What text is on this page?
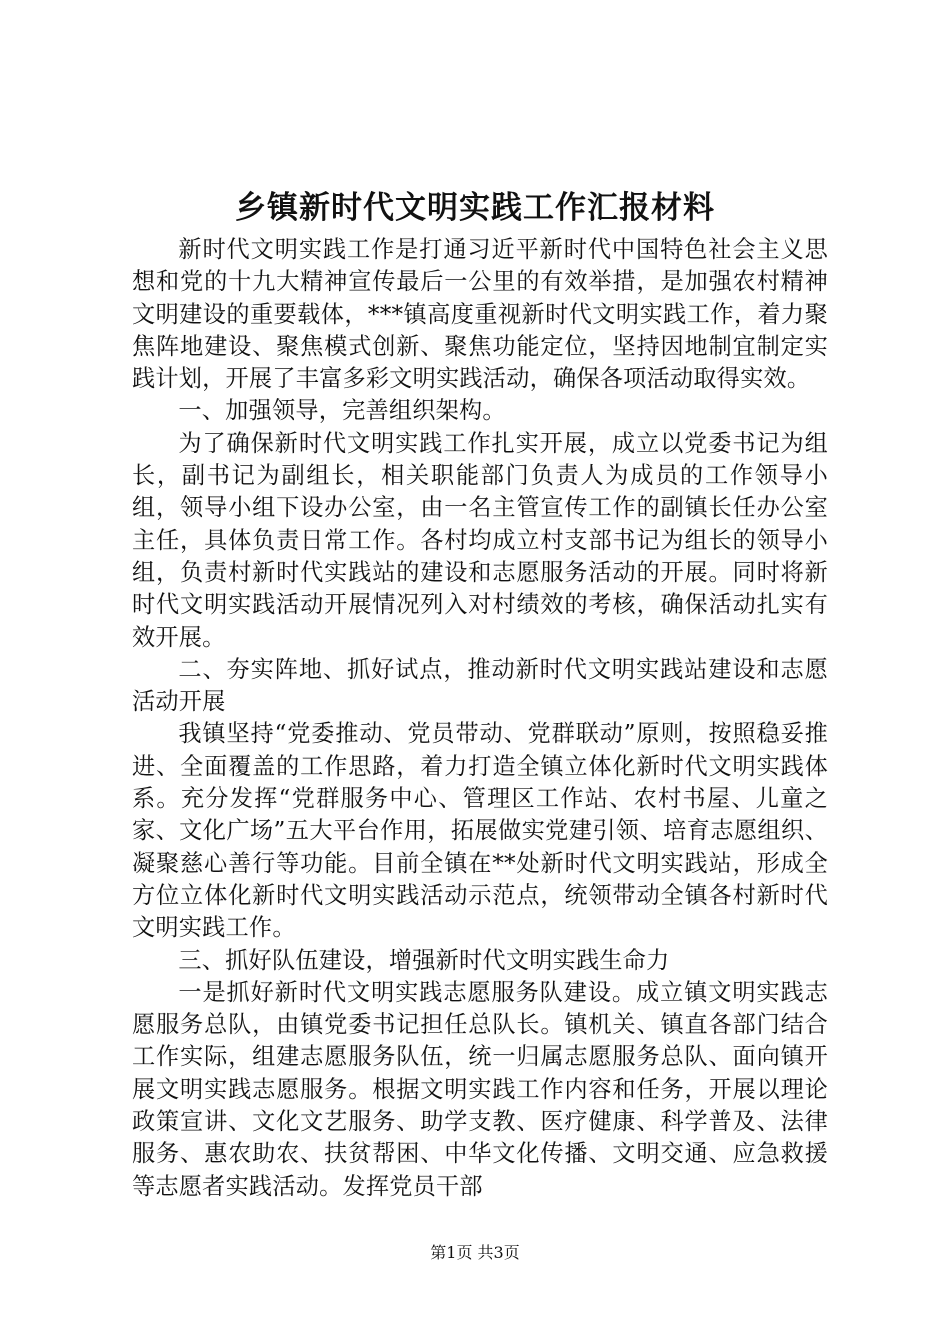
乡镇新时代文明实践工作汇报材料

新时代文明实践工作是打通习近平新时代中国特色社会主义思想和党的十九大精神宣传最后一公里的有效举措，是加强农村精神文明建设的重要载体，***镇高度重视新时代文明实践工作，着力聚焦阵地建设、聚焦模式创新、聚焦功能定位，坚持因地制宜制定实践计划，开展了丰富多彩文明实践活动，确保各项活动取得实效。

一、加强领导，完善组织架构。

为了确保新时代文明实践工作扎实开展，成立以党委书记为组长，副书记为副组长，相关职能部门负责人为成员的工作领导小组，领导小组下设办公室，由一名主管宣传工作的副镇长任办公室主任，具体负责日常工作。各村均成立村支部书记为组长的领导小组，负责村新时代实践站的建设和志愿服务活动的开展。同时将新时代文明实践活动开展情况列入对村绩效的考核，确保活动扎实有效开展。

二、夯实阵地、抓好试点，推动新时代文明实践站建设和志愿活动开展

我镇坚持“党委推动、党员带动、党群联动”原则，按照稳妥推进、全面覆盖的工作思路，着力打造全镇立体化新时代文明实践体系。充分发挥“党群服务中心、管理区工作站、农村书屋、儿童之家、文化广场”五大平台作用，拓展做实党建引领、培育志愿组织、凝聚慈心善行等功能。目前全镇在**处新时代文明实践站，形成全方位立体化新时代文明实践活动示范点，统领带动全镇各村新时代文明实践工作。

三、抓好队伍建设，增强新时代文明实践生命力

一是抓好新时代文明实践志愿服务队建设。成立镇文明实践志愿服务总队，由镇党委书记担任总队长。镇机关、镇直各部门结合工作实际，组建志愿服务队伍，统一归属志愿服务总队、面向镇开展文明实践志愿服务。根据文明实践工作内容和任务，开展以理论政策宣讲、文化文艺服务、助学支教、医疗健康、科学普及、法律服务、惠农助农、扶贫帮困、中华文化传播、文明交通、应急救援等志愿者实践活动。发挥党员干部

第1页 共3页
